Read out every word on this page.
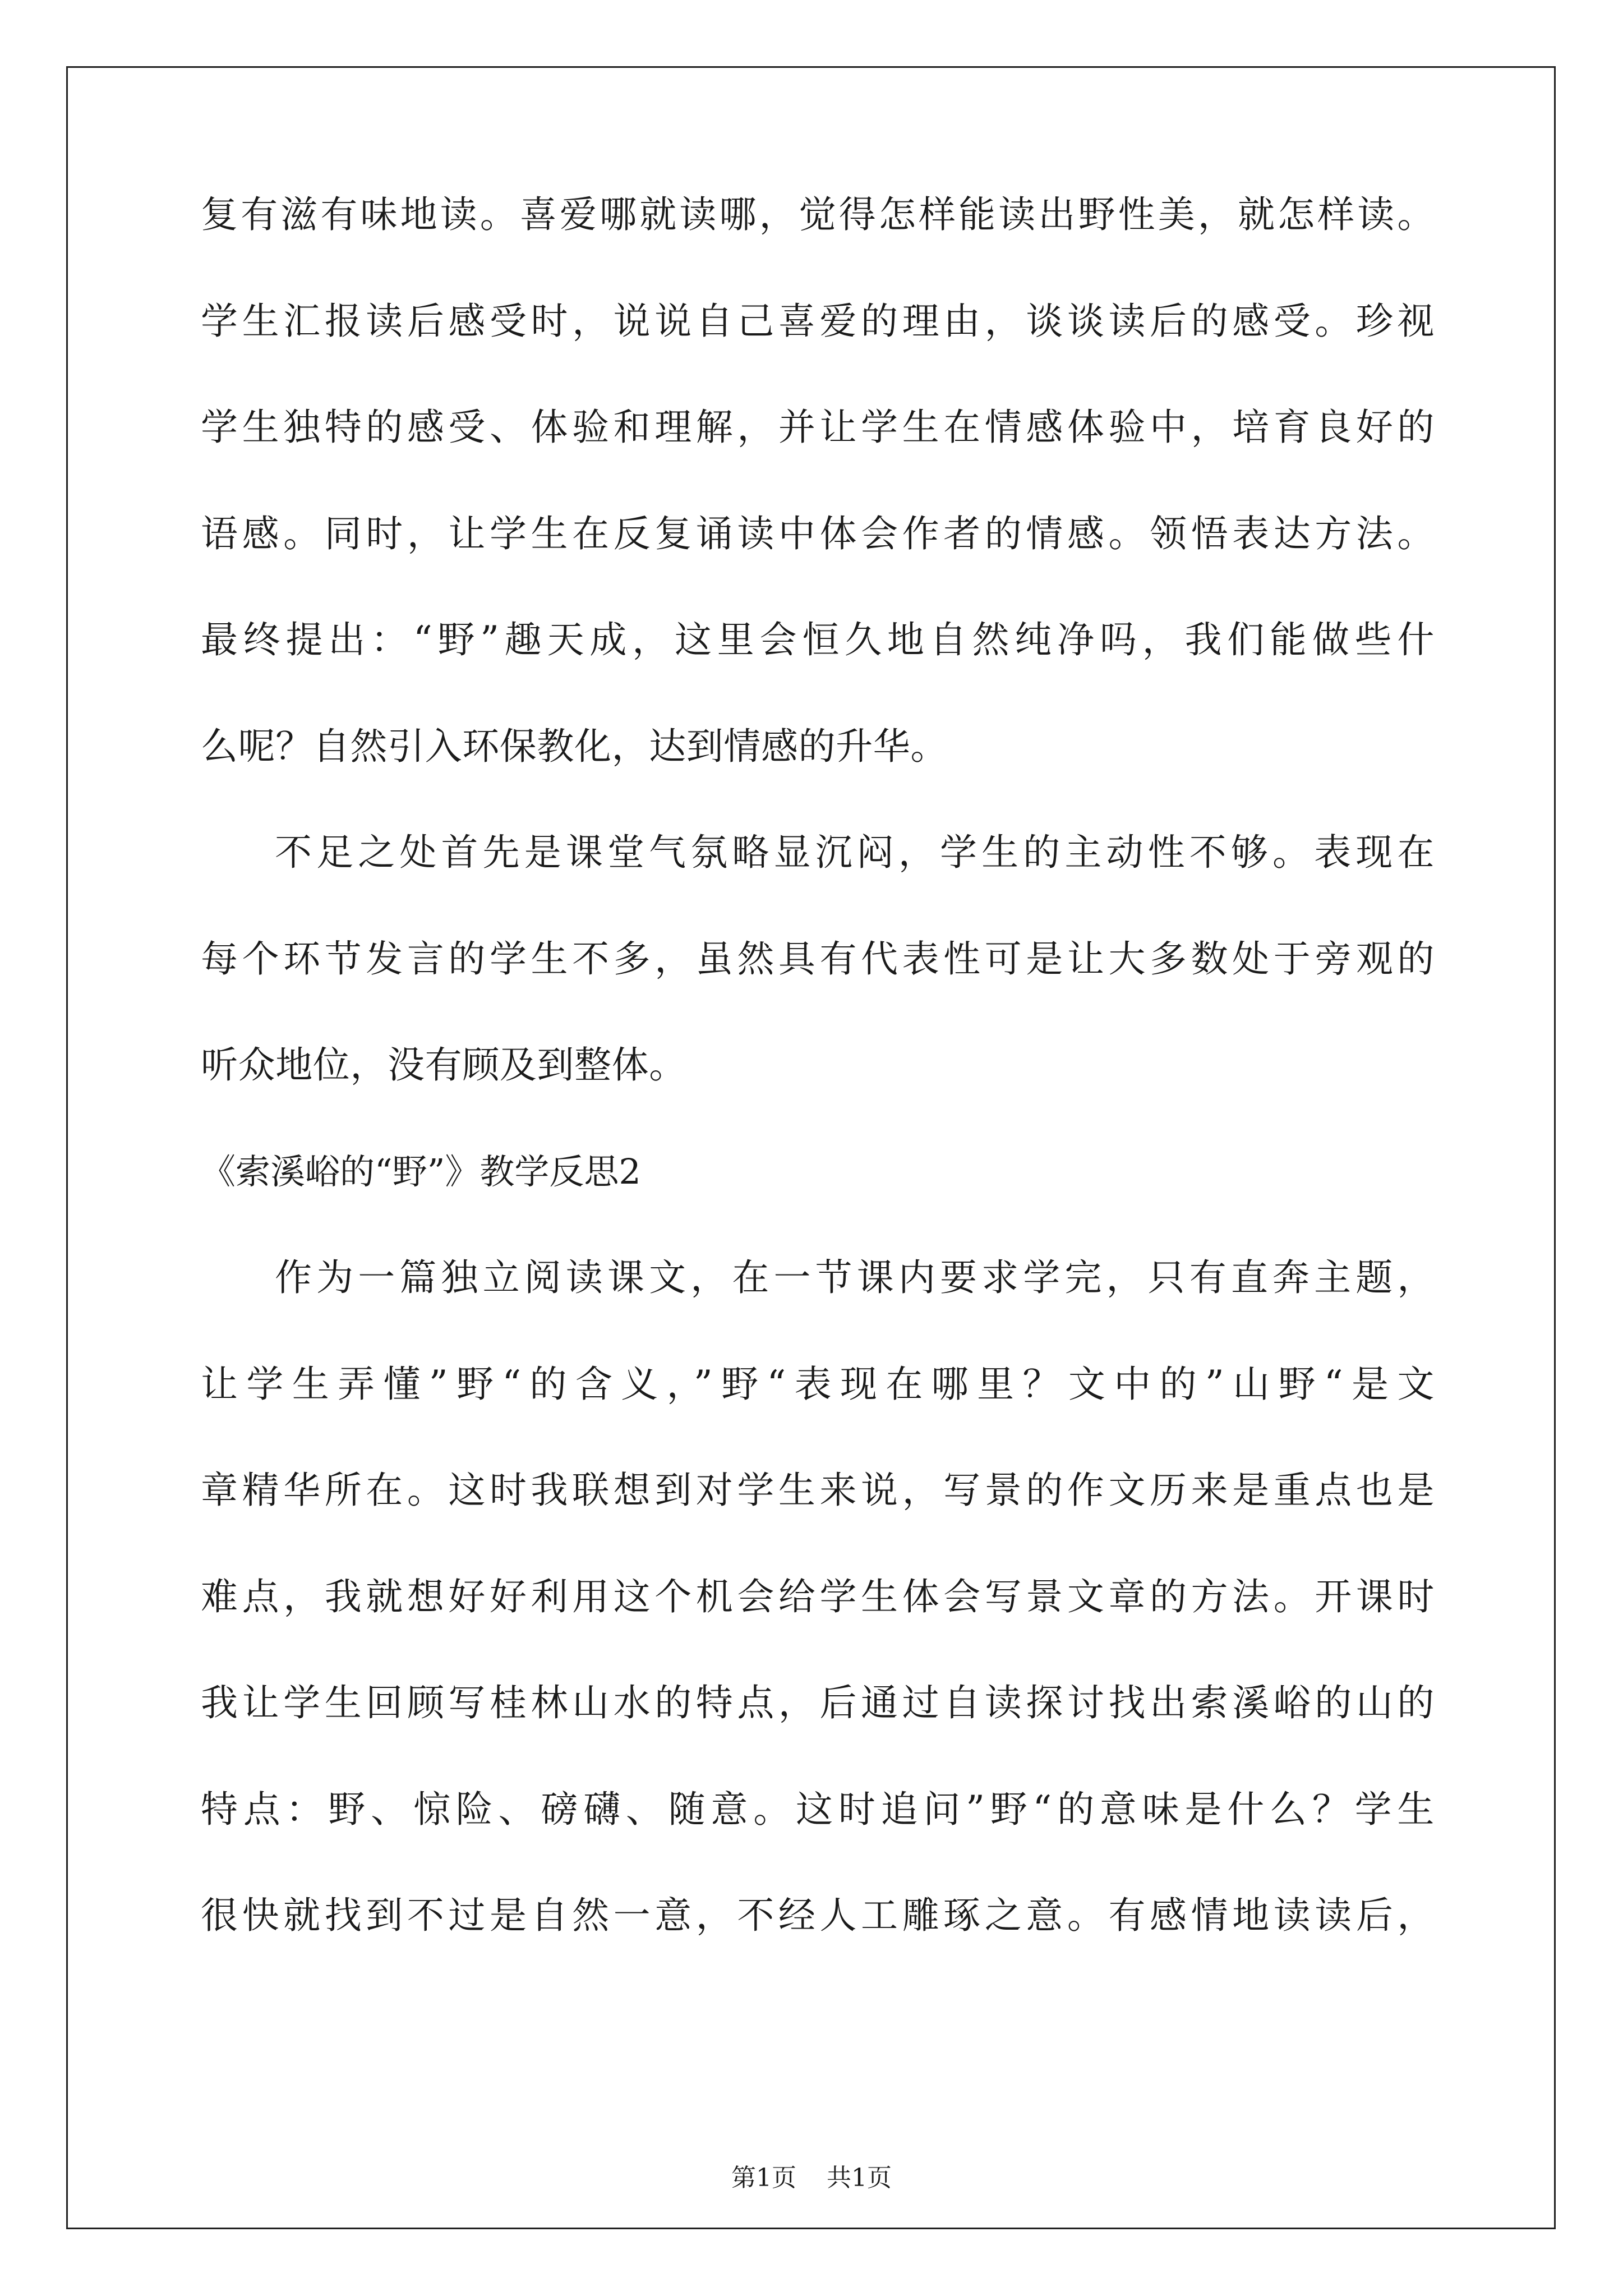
复有滋有味地读。喜爱哪就读哪，觉得怎样能读出野性美，就怎样读。
学生汇报读后感受时，说说自己喜爱的理由，谈谈读后的感受。珍视
学生独特的感受、体验和理解，并让学生在情感体验中，培育良好的
语感。同时，让学生在反复诵读中体会作者的情感。领悟表达方法。
最终提出：“野”趣天成，这里会恒久地自然纯净吗，我们能做些什
么呢？自然引入环保教化，达到情感的升华。
不足之处首先是课堂气氛略显沉闷，学生的主动性不够。表现在
每个环节发言的学生不多，虽然具有代表性可是让大多数处于旁观的
听众地位，没有顾及到整体。
《索溪峪的“野”》教学反思2
作为一篇独立阅读课文，在一节课内要求学完，只有直奔主题，
让学生弄懂”野“的含义，”野“表现在哪里？文中的”山野“是文
章精华所在。这时我联想到对学生来说，写景的作文历来是重点也是
难点，我就想好好利用这个机会给学生体会写景文章的方法。开课时
我让学生回顾写桂林山水的特点，后通过自读探讨找出索溪峪的山的
特点：野、惊险、磅礴、随意。这时追问”野“的意味是什么？学生
很快就找到不过是自然一意，不经人工雕琢之意。有感情地读读后，
第1页 共1页
